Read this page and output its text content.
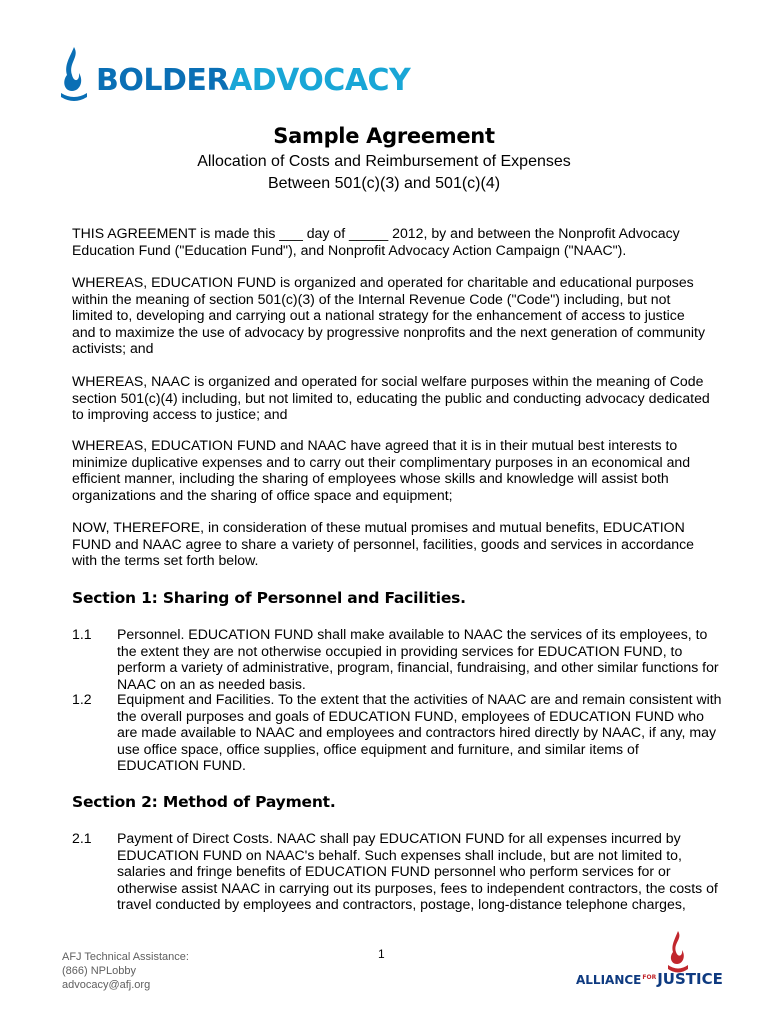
BOLDERADVOCACY
Sample Agreement
Allocation of Costs and Reimbursement of Expenses
Between 501(c)(3) and 501(c)(4)

THIS AGREEMENT is made this ___ day of _____ 2012, by and between the Nonprofit Advocacy Education Fund ("Education Fund"), and Nonprofit Advocacy Action Campaign ("NAAC").

WHEREAS, EDUCATION FUND is organized and operated for charitable and educational purposes within the meaning of section 501(c)(3) of the Internal Revenue Code ("Code") including, but not limited to, developing and carrying out a national strategy for the enhancement of access to justice and to maximize the use of advocacy by progressive nonprofits and the next generation of community activists; and

WHEREAS, NAAC is organized and operated for social welfare purposes within the meaning of Code section 501(c)(4) including, but not limited to, educating the public and conducting advocacy dedicated to improving access to justice; and

WHEREAS, EDUCATION FUND and NAAC have agreed that it is in their mutual best interests to minimize duplicative expenses and to carry out their complimentary purposes in an economical and efficient manner, including the sharing of employees whose skills and knowledge will assist both organizations and the sharing of office space and equipment;

NOW, THEREFORE, in consideration of these mutual promises and mutual benefits, EDUCATION FUND and NAAC agree to share a variety of personnel, facilities, goods and services in accordance with the terms set forth below.

Section 1: Sharing of Personnel and Facilities.
1.1	Personnel. EDUCATION FUND shall make available to NAAC the services of its employees, to the extent they are not otherwise occupied in providing services for EDUCATION FUND, to perform a variety of administrative, program, financial, fundraising, and other similar functions for NAAC on an as needed basis.
1.2	Equipment and Facilities. To the extent that the activities of NAAC are and remain consistent with the overall purposes and goals of EDUCATION FUND, employees of EDUCATION FUND who are made available to NAAC and employees and contractors hired directly by NAAC, if any, may use office space, office supplies, office equipment and furniture, and similar items of EDUCATION FUND.
Section 2: Method of Payment.
2.1	Payment of Direct Costs. NAAC shall pay EDUCATION FUND for all expenses incurred by EDUCATION FUND on NAAC's behalf. Such expenses shall include, but are not limited to, salaries and fringe benefits of EDUCATION FUND personnel who perform services for or otherwise assist NAAC in carrying out its purposes, fees to independent contractors, the costs of travel conducted by employees and contractors, postage, long-distance telephone charges,
AFJ Technical Assistance:
(866) NPLobby
advocacy@afj.org
1
$ALLIANCE^{FOR}JUSTICE$
